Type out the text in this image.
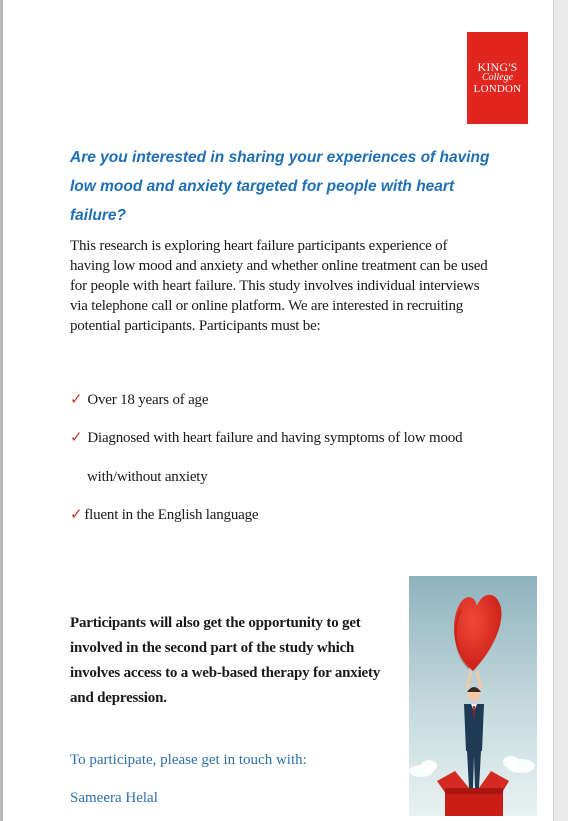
KING'S
College
LONDON

Are you interested in sharing your experiences of having low mood and anxiety targeted for people with heart failure?

This research is exploring heart failure participants experience of having low mood and anxiety and whether online treatment can be used for people with heart failure. This study involves individual interviews via telephone call or online platform. We are interested in recruiting potential participants. Participants must be:

✓ Over 18 years of age
✓ Diagnosed with heart failure and having symptoms of low mood
with/without anxiety
✓ fluent in the English language

Participants will also get the opportunity to get involved in the second part of the study which involves access to a web-based therapy for anxiety and depression.

To participate, please get in touch with:

Sameera Helal
